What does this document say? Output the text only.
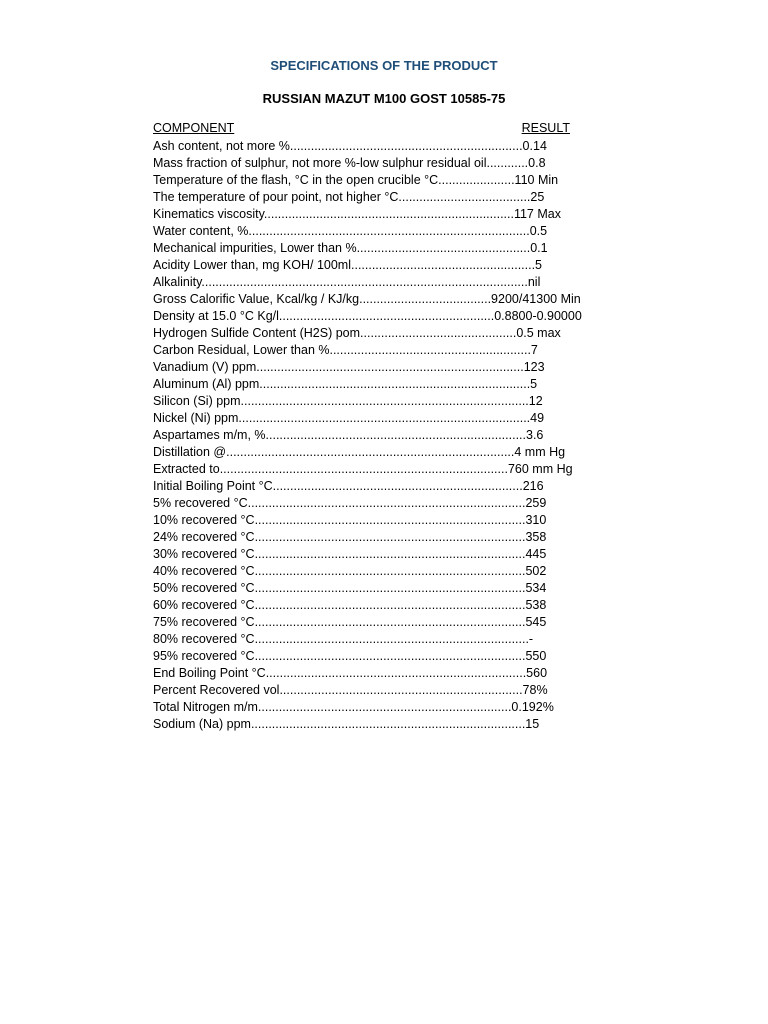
SPECIFICATIONS OF THE PRODUCT
RUSSIAN MAZUT M100 GOST 10585-75
COMPONENT	RESULT
Ash content, not more %...................................................................0.14
Mass fraction of sulphur, not more %-low sulphur residual oil............0.8
Temperature of the flash, °C in the open crucible °C......................110 Min
The temperature of pour point, not higher °C......................................25
Kinematics viscosity........................................................................117 Max
Water content, %.................................................................................0.5
Mechanical impurities, Lower than %..................................................0.1
Acidity Lower than, mg KOH/ 100ml.....................................................5
Alkalinity..............................................................................................nil
Gross Calorific Value, Kcal/kg / KJ/kg......................................9200/41300 Min
Density at 15.0 °C Kg/l..............................................................0.8800-0.90000
Hydrogen Sulfide Content (H2S) pom.............................................0.5 max
Carbon Residual, Lower than %..........................................................7
Vanadium (V) ppm.............................................................................123
Aluminum (Al) ppm..............................................................................5
Silicon (Si) ppm...................................................................................12
Nickel (Ni) ppm....................................................................................49
Aspartames m/m, %...........................................................................3.6
Distillation @...................................................................................4 mm Hg
Extracted to...................................................................................760 mm Hg
Initial Boiling Point °C........................................................................216
5% recovered °C................................................................................259
10% recovered °C..............................................................................310
24% recovered °C..............................................................................358
30% recovered °C..............................................................................445
40% recovered °C..............................................................................502
50% recovered °C..............................................................................534
60% recovered °C..............................................................................538
75% recovered °C..............................................................................545
80% recovered °C...............................................................................-
95% recovered °C..............................................................................550
End Boiling Point °C...........................................................................560
Percent Recovered vol......................................................................78%
Total Nitrogen m/m.........................................................................0.192%
Sodium (Na) ppm...............................................................................15
